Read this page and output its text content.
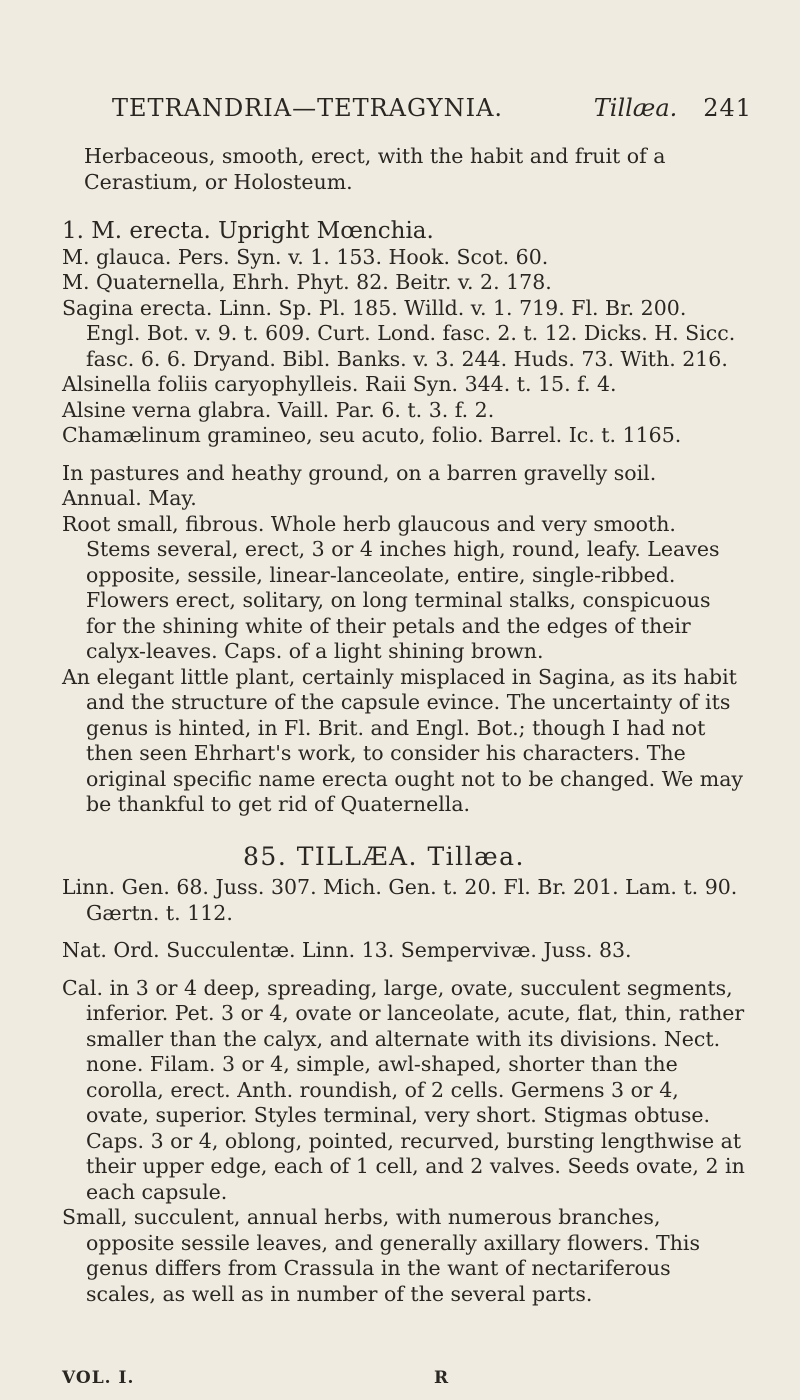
TETRANDRIA—TETRAGYNIA.	Tillæa. 241

Herbaceous, smooth, erect, with the habit and fruit of a Cerastium, or Holosteum.

1. M. erecta. Upright Mœnchia.

M. glauca. Pers. Syn. v. 1. 153. Hook. Scot. 60.

M. Quaternella, Ehrh. Phyt. 82. Beitr. v. 2. 178.

Sagina erecta. Linn. Sp. Pl. 185. Willd. v. 1. 719. Fl. Br. 200. Engl. Bot. v. 9. t. 609. Curt. Lond. fasc. 2. t. 12. Dicks. H. Sicc. fasc. 6. 6. Dryand. Bibl. Banks. v. 3. 244. Huds. 73. With. 216.

Alsinella foliis caryophylleis. Raii Syn. 344. t. 15. f. 4.

Alsine verna glabra. Vaill. Par. 6. t. 3. f. 2.

Chamælinum gramineo, seu acuto, folio. Barrel. Ic. t. 1165.

In pastures and heathy ground, on a barren gravelly soil.

Annual. May.

Root small, fibrous. Whole herb glaucous and very smooth. Stems several, erect, 3 or 4 inches high, round, leafy. Leaves opposite, sessile, linear-lanceolate, entire, single-ribbed. Flowers erect, solitary, on long terminal stalks, conspicuous for the shining white of their petals and the edges of their calyx-leaves. Caps. of a light shining brown.

An elegant little plant, certainly misplaced in Sagina, as its habit and the structure of the capsule evince. The uncertainty of its genus is hinted, in Fl. Brit. and Engl. Bot.; though I had not then seen Ehrhart's work, to consider his characters. The original specific name erecta ought not to be changed. We may be thankful to get rid of Quaternella.

85. TILLÆA. Tillæa.

Linn. Gen. 68. Juss. 307. Mich. Gen. t. 20. Fl. Br. 201. Lam. t. 90. Gærtn. t. 112.

Nat. Ord. Succulentæ. Linn. 13. Sempervivæ. Juss. 83.

Cal. in 3 or 4 deep, spreading, large, ovate, succulent segments, inferior. Pet. 3 or 4, ovate or lanceolate, acute, flat, thin, rather smaller than the calyx, and alternate with its divisions. Nect. none. Filam. 3 or 4, simple, awl-shaped, shorter than the corolla, erect. Anth. roundish, of 2 cells. Germens 3 or 4, ovate, superior. Styles terminal, very short. Stigmas obtuse. Caps. 3 or 4, oblong, pointed, recurved, bursting lengthwise at their upper edge, each of 1 cell, and 2 valves. Seeds ovate, 2 in each capsule.

Small, succulent, annual herbs, with numerous branches, opposite sessile leaves, and generally axillary flowers. This genus differs from Crassula in the want of nectariferous scales, as well as in number of the several parts.

VOL. I.	R
